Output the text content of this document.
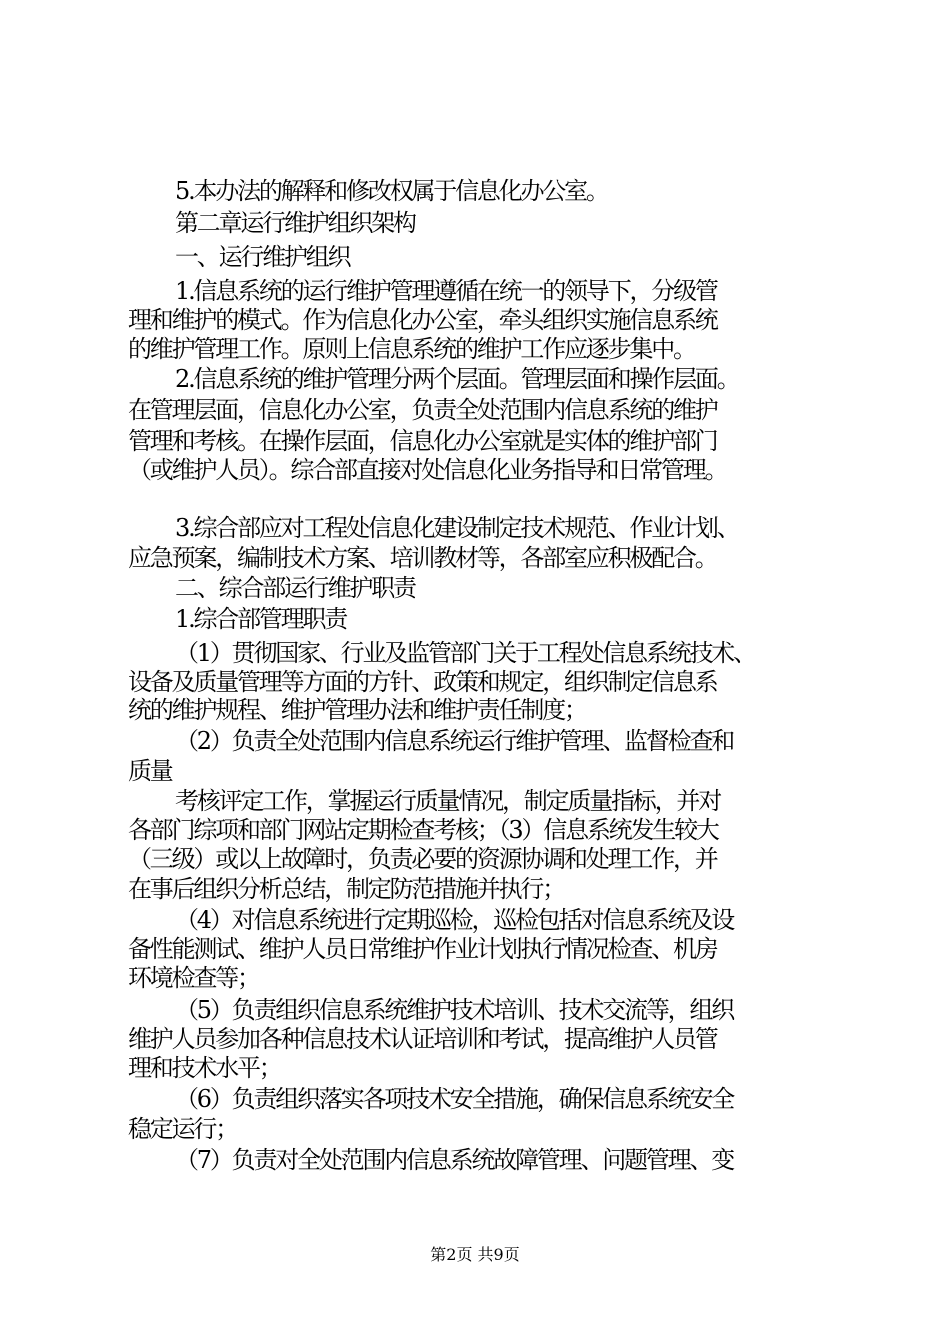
5.本办法的解释和修改权属于信息化办公室。
第二章运行维护组织架构
一、运行维护组织
1.信息系统的运行维护管理遵循在统一的领导下，分级管
理和维护的模式。作为信息化办公室，牵头组织实施信息系统
的维护管理工作。原则上信息系统的维护工作应逐步集中。
2.信息系统的维护管理分两个层面。管理层面和操作层面。
在管理层面，信息化办公室，负责全处范围内信息系统的维护
管理和考核。在操作层面，信息化办公室就是实体的维护部门
（或维护人员）。综合部直接对处信息化业务指导和日常管理。
3.综合部应对工程处信息化建设制定技术规范、作业计划、
应急预案，编制技术方案、培训教材等，各部室应积极配合。
二、综合部运行维护职责
1.综合部管理职责
（1）贯彻国家、行业及监管部门关于工程处信息系统技术、
设备及质量管理等方面的方针、政策和规定，组织制定信息系
统的维护规程、维护管理办法和维护责任制度；
（2）负责全处范围内信息系统运行维护管理、监督检查和
质量
考核评定工作，掌握运行质量情况，制定质量指标，并对
各部门综项和部门网站定期检查考核；（3）信息系统发生较大
（三级）或以上故障时，负责必要的资源协调和处理工作，并
在事后组织分析总结，制定防范措施并执行；
（4）对信息系统进行定期巡检，巡检包括对信息系统及设
备性能测试、维护人员日常维护作业计划执行情况检查、机房
环境检查等；
（5）负责组织信息系统维护技术培训、技术交流等，组织
维护人员参加各种信息技术认证培训和考试，提高维护人员管
理和技术水平；
（6）负责组织落实各项技术安全措施，确保信息系统安全
稳定运行；
（7）负责对全处范围内信息系统故障管理、问题管理、变
第2页 共9页
